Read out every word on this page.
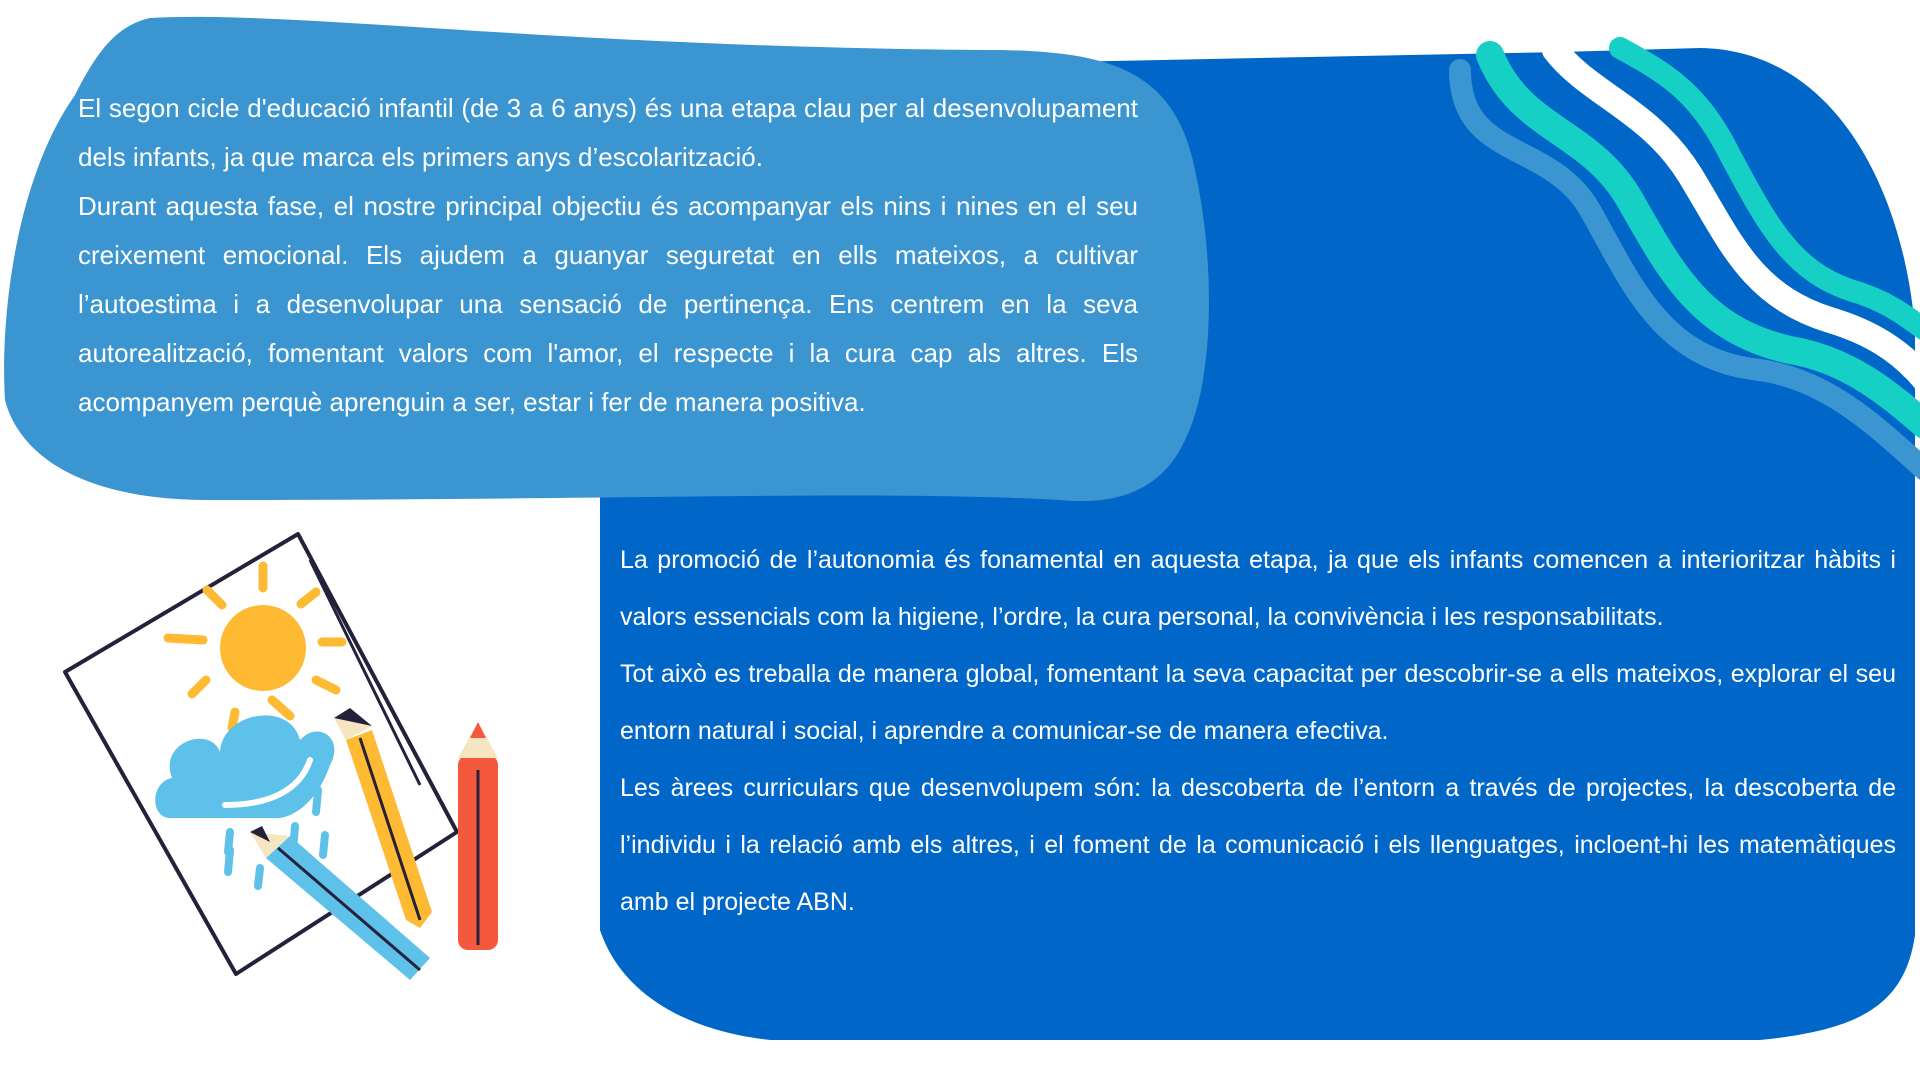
El segon cicle d'educació infantil (de 3 a 6 anys) és una etapa clau per al desenvolupament dels infants, ja que marca els primers anys d’escolarització.

Durant aquesta fase, el nostre principal objectiu és acompanyar els nins i nines en el seu creixement emocional. Els ajudem a guanyar seguretat en ells mateixos, a cultivar l’autoestima i a desenvolupar una sensació de pertinença. Ens centrem en la seva autorealització, fomentant valors com l'amor, el respecte i la cura cap als altres. Els acompanyem perquè aprenguin a ser, estar i fer de manera positiva.

La promoció de l’autonomia és fonamental en aquesta etapa, ja que els infants comencen a interioritzar hàbits i valors essencials com la higiene, l’ordre, la cura personal, la convivència i les responsabilitats.

Tot això es treballa de manera global, fomentant la seva capacitat per descobrir-se a ells mateixos, explorar el seu entorn natural i social, i aprendre a comunicar-se de manera efectiva.

Les àrees curriculars que desenvolupem són: la descoberta de l’entorn a través de projectes, la descoberta de l’individu i la relació amb els altres, i el foment de la comunicació i els llenguatges, incloent-hi les matemàtiques amb el projecte ABN.
